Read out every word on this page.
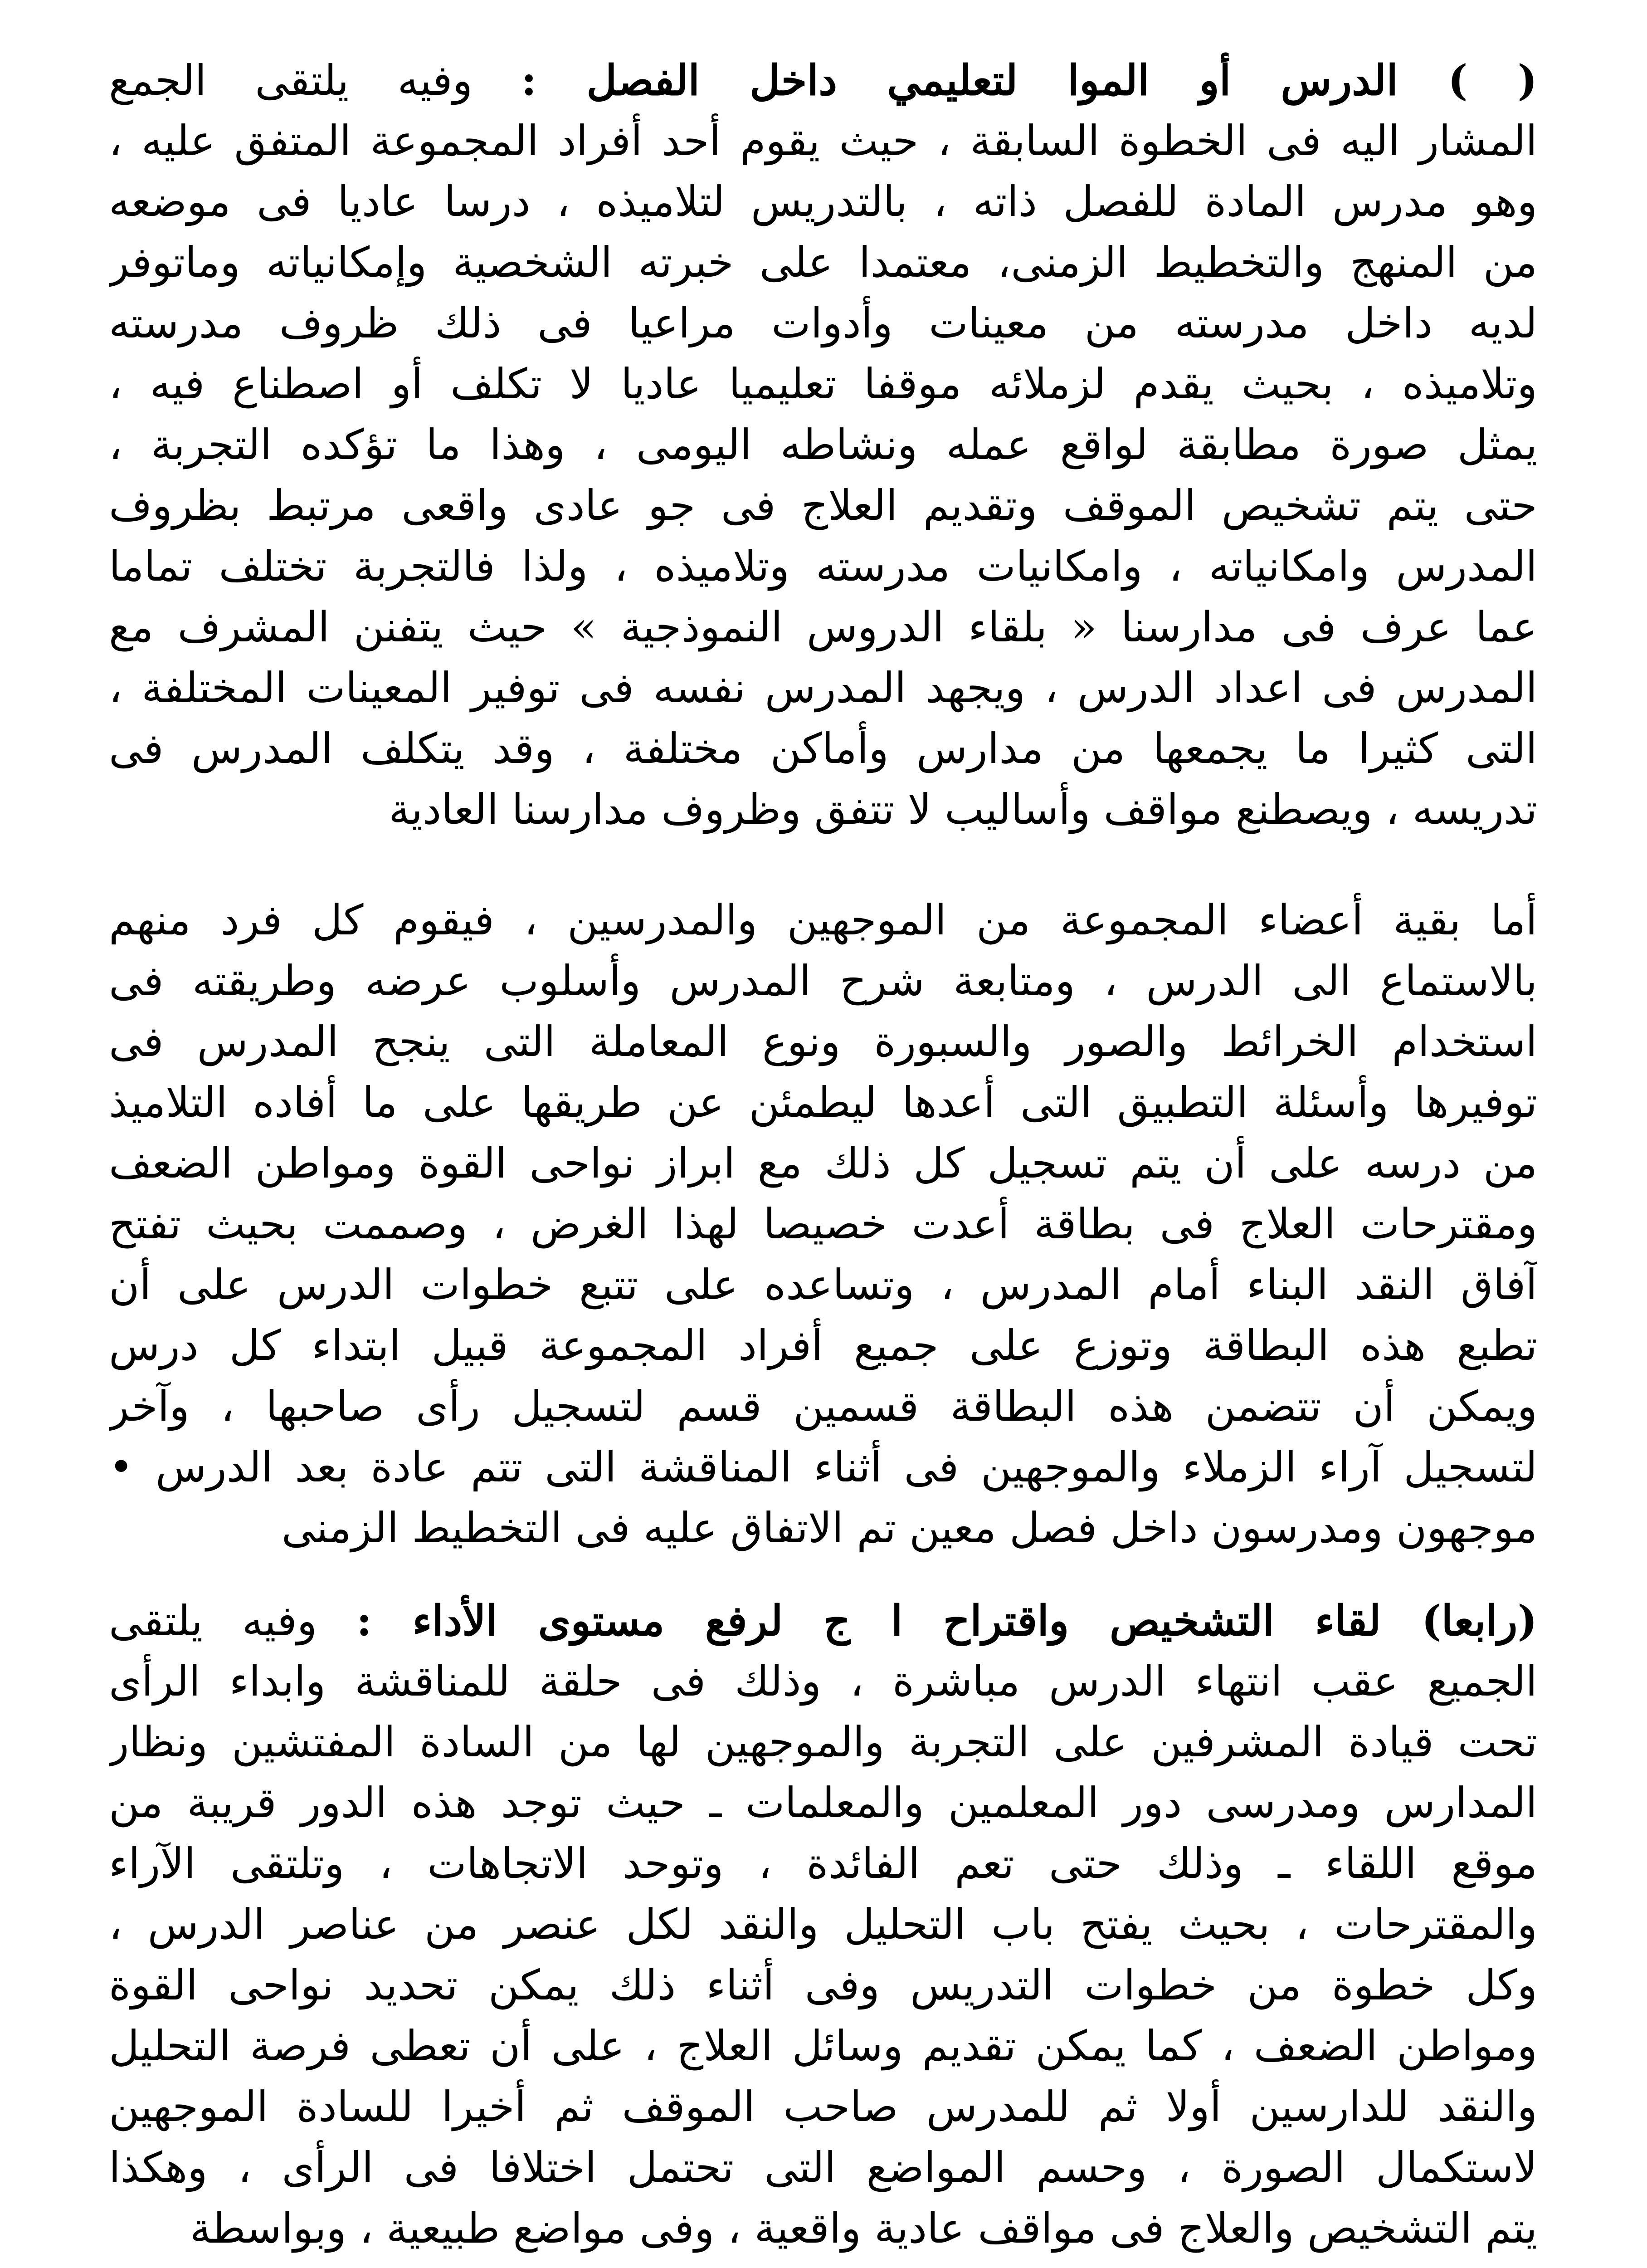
( ) الدرس أو الموا لتعليمي داخل الفصل : وفيه يلتقى الجمع
المشار اليه فى الخطوة السابقة ، حيث يقوم أحد أفراد المجموعة المتفق عليه ،
وهو مدرس المادة للفصل ذاته ، بالتدريس لتلاميذه ، درسا عاديا فى موضعه
من المنهج والتخطيط الزمنى، معتمدا على خبرته الشخصية وإمكانياته وماتوفر
لديه داخل مدرسته من معينات وأدوات مراعيا فى ذلك ظروف مدرسته
وتلاميذه ، بحيث يقدم لزملائه موقفا تعليميا عاديا لا تكلف أو اصطناع فيه ،
يمثل صورة مطابقة لواقع عمله ونشاطه اليومى ، وهذا ما تؤكده التجربة ،
حتى يتم تشخيص الموقف وتقديم العلاج فى جو عادى واقعى مرتبط بظروف
المدرس وامكانياته ، وامكانيات مدرسته وتلاميذه ، ولذا فالتجربة تختلف تماما
عما عرف فى مدارسنا « بلقاء الدروس النموذجية » حيث يتفنن المشرف مع
المدرس فى اعداد الدرس ، ويجهد المدرس نفسه فى توفير المعينات المختلفة ،
التى كثيرا ما يجمعها من مدارس وأماكن مختلفة ، وقد يتكلف المدرس فى
تدريسه ، ويصطنع مواقف وأساليب لا تتفق وظروف مدارسنا العادية
أما بقية أعضاء المجموعة من الموجهين والمدرسين ، فيقوم كل فرد منهم
بالاستماع الى الدرس ، ومتابعة شرح المدرس وأسلوب عرضه وطريقته فى
استخدام الخرائط والصور والسبورة ونوع المعاملة التى ينجح المدرس فى
توفيرها وأسئلة التطبيق التى أعدها ليطمئن عن طريقها على ما أفاده التلاميذ
من درسه على أن يتم تسجيل كل ذلك مع ابراز نواحى القوة ومواطن الضعف
ومقترحات العلاج فى بطاقة أعدت خصيصا لهذا الغرض ، وصممت بحيث تفتح
آفاق النقد البناء أمام المدرس ، وتساعده على تتبع خطوات الدرس على أن
تطبع هذه البطاقة وتوزع على جميع أفراد المجموعة قبيل ابتداء كل درس
ويمكن أن تتضمن هذه البطاقة قسمين قسم لتسجيل رأى صاحبها ، وآخر
لتسجيل آراء الزملاء والموجهين فى أثناء المناقشة التى تتم عادة بعد الدرس •
موجهون ومدرسون داخل فصل معين تم الاتفاق عليه فى التخطيط الزمنى
(رابعا) لقاء التشخيص واقتراح ا ج لرفع مستوى الأداء : وفيه يلتقى
الجميع عقب انتهاء الدرس مباشرة ، وذلك فى حلقة للمناقشة وابداء الرأى
تحت قيادة المشرفين على التجربة والموجهين لها من السادة المفتشين ونظار
المدارس ومدرسى دور المعلمين والمعلمات ـ حيث توجد هذه الدور قريبة من
موقع اللقاء ـ وذلك حتى تعم الفائدة ، وتوحد الاتجاهات ، وتلتقى الآراء
والمقترحات ، بحيث يفتح باب التحليل والنقد لكل عنصر من عناصر الدرس ،
وكل خطوة من خطوات التدريس وفى أثناء ذلك يمكن تحديد نواحى القوة
ومواطن الضعف ، كما يمكن تقديم وسائل العلاج ، على أن تعطى فرصة التحليل
والنقد للدارسين أولا ثم للمدرس صاحب الموقف ثم أخيرا للسادة الموجهين
لاستكمال الصورة ، وحسم المواضع التى تحتمل اختلافا فى الرأى ، وهكذا
يتم التشخيص والعلاج فى مواقف عادية واقعية ، وفى مواضع طبيعية ، وبواسطة
